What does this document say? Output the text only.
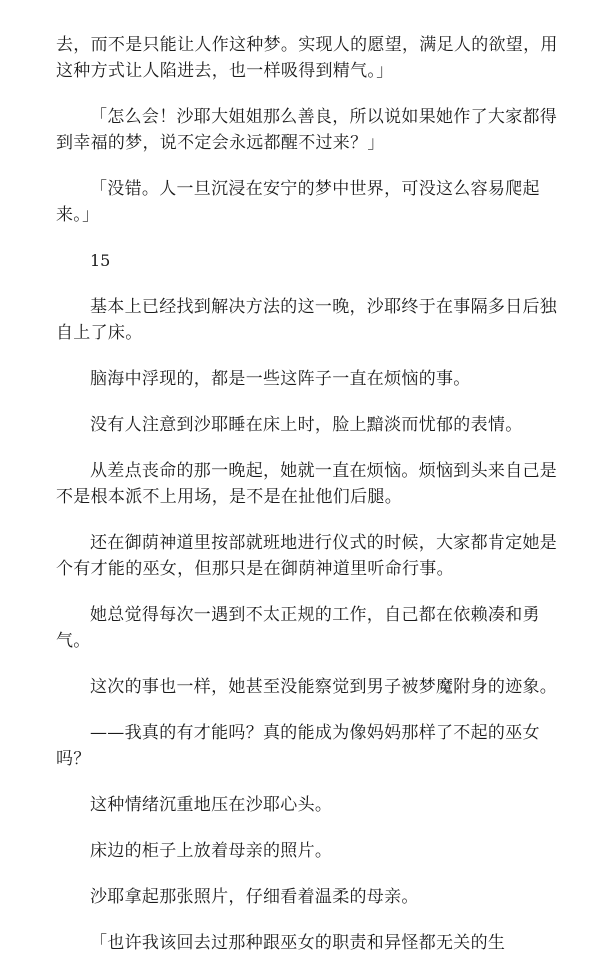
去，而不是只能让人作这种梦。实现人的愿望，满足人的欲望，用这种方式让人陷进去，也一样吸得到精气。」

「怎么会！沙耶大姐姐那么善良，所以说如果她作了大家都得到幸福的梦，说不定会永远都醒不过来？」

「没错。人一旦沉浸在安宁的梦中世界，可没这么容易爬起来。」

15

基本上已经找到解决方法的这一晚，沙耶终于在事隔多日后独自上了床。

脑海中浮现的，都是一些这阵子一直在烦恼的事。

没有人注意到沙耶睡在床上时，脸上黯淡而忧郁的表情。

从差点丧命的那一晚起，她就一直在烦恼。烦恼到头来自己是不是根本派不上用场，是不是在扯他们后腿。

还在御荫神道里按部就班地进行仪式的时候，大家都肯定她是个有才能的巫女，但那只是在御荫神道里听命行事。

她总觉得每次一遇到不太正规的工作，自己都在依赖凑和勇气。

这次的事也一样，她甚至没能察觉到男子被梦魔附身的迹象。

——我真的有才能吗？真的能成为像妈妈那样了不起的巫女吗？

这种情绪沉重地压在沙耶心头。

床边的柜子上放着母亲的照片。

沙耶拿起那张照片，仔细看着温柔的母亲。

「也许我该回去过那种跟巫女的职责和异怪都无关的生
